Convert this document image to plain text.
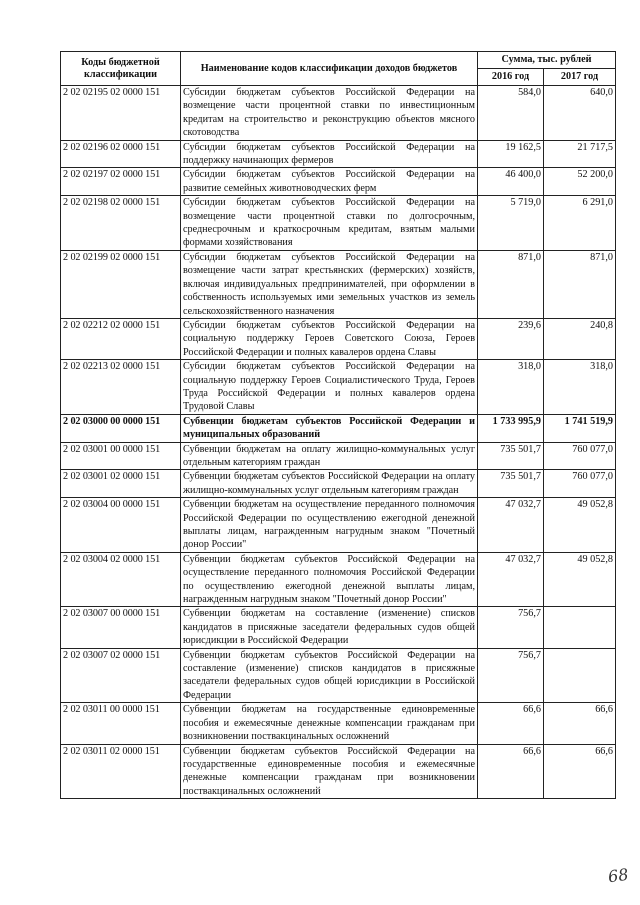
Коды бюджетной классификации	Наименование кодов классификации доходов бюджетов	Сумма, тыс. рублей	
		2016 год	2017 год
2 02 02195 02 0000 151	Субсидии бюджетам субъектов Российской Федерации на возмещение части процентной ставки по инвестиционным кредитам на строительство и реконструкцию объектов мясного скотоводства	584,0	640,0
2 02 02196 02 0000 151	Субсидии бюджетам субъектов Российской Федерации на поддержку начинающих фермеров	19 162,5	21 717,5
2 02 02197 02 0000 151	Субсидии бюджетам субъектов Российской Федерации на развитие семейных животноводческих ферм	46 400,0	52 200,0
2 02 02198 02 0000 151	Субсидии бюджетам субъектов Российской Федерации на возмещение части процентной ставки по долгосрочным, среднесрочным и краткосрочным кредитам, взятым малыми формами хозяйствования	5 719,0	6 291,0
2 02 02199 02 0000 151	Субсидии бюджетам субъектов Российской Федерации на возмещение части затрат крестьянских (фермерских) хозяйств, включая индивидуальных предпринимателей, при оформлении в собственность используемых ими земельных участков из земель сельскохозяйственного назначения	871,0	871,0
2 02 02212 02 0000 151	Субсидии бюджетам субъектов Российской Федерации на социальную поддержку Героев Советского Союза, Героев Российской Федерации и полных кавалеров ордена Славы	239,6	240,8
2 02 02213 02 0000 151	Субсидии бюджетам субъектов Российской Федерации на социальную поддержку Героев Социалистического Труда, Героев Труда Российской Федерации и полных кавалеров ордена Трудовой Славы	318,0	318,0
2 02 03000 00 0000 151	Субвенции бюджетам субъектов Российской Федерации и муниципальных образований	1 733 995,9	1 741 519,9
2 02 03001 00 0000 151	Субвенции бюджетам на оплату жилищно-коммунальных услуг отдельным категориям граждан	735 501,7	760 077,0
2 02 03001 02 0000 151	Субвенции бюджетам субъектов Российской Федерации на оплату жилищно-коммунальных услуг отдельным категориям граждан	735 501,7	760 077,0
2 02 03004 00 0000 151	Субвенции бюджетам на осуществление переданного полномочия Российской Федерации по осуществлению ежегодной денежной выплаты лицам, награжденным нагрудным знаком "Почетный донор России"	47 032,7	49 052,8
2 02 03004 02 0000 151	Субвенции бюджетам субъектов Российской Федерации на осуществление переданного полномочия Российской Федерации по осуществлению ежегодной денежной выплаты лицам, награжденным нагрудным знаком "Почетный донор России"	47 032,7	49 052,8
2 02 03007 00 0000 151	Субвенции бюджетам на составление (изменение) списков кандидатов в присяжные заседатели федеральных судов общей юрисдикции в Российской Федерации	756,7	
2 02 03007 02 0000 151	Субвенции бюджетам субъектов Российской Федерации на составление (изменение) списков кандидатов в присяжные заседатели федеральных судов общей юрисдикции в Российской Федерации	756,7	
2 02 03011 00 0000 151	Субвенции бюджетам на государственные единовременные пособия и ежемесячные денежные компенсации гражданам при возникновении поствакцинальных осложнений	66,6	66,6
2 02 03011 02 0000 151	Субвенции бюджетам субъектов Российской Федерации на государственные единовременные пособия и ежемесячные денежные компенсации гражданам при возникновении поствакцинальных осложнений	66,6	66,6
68
